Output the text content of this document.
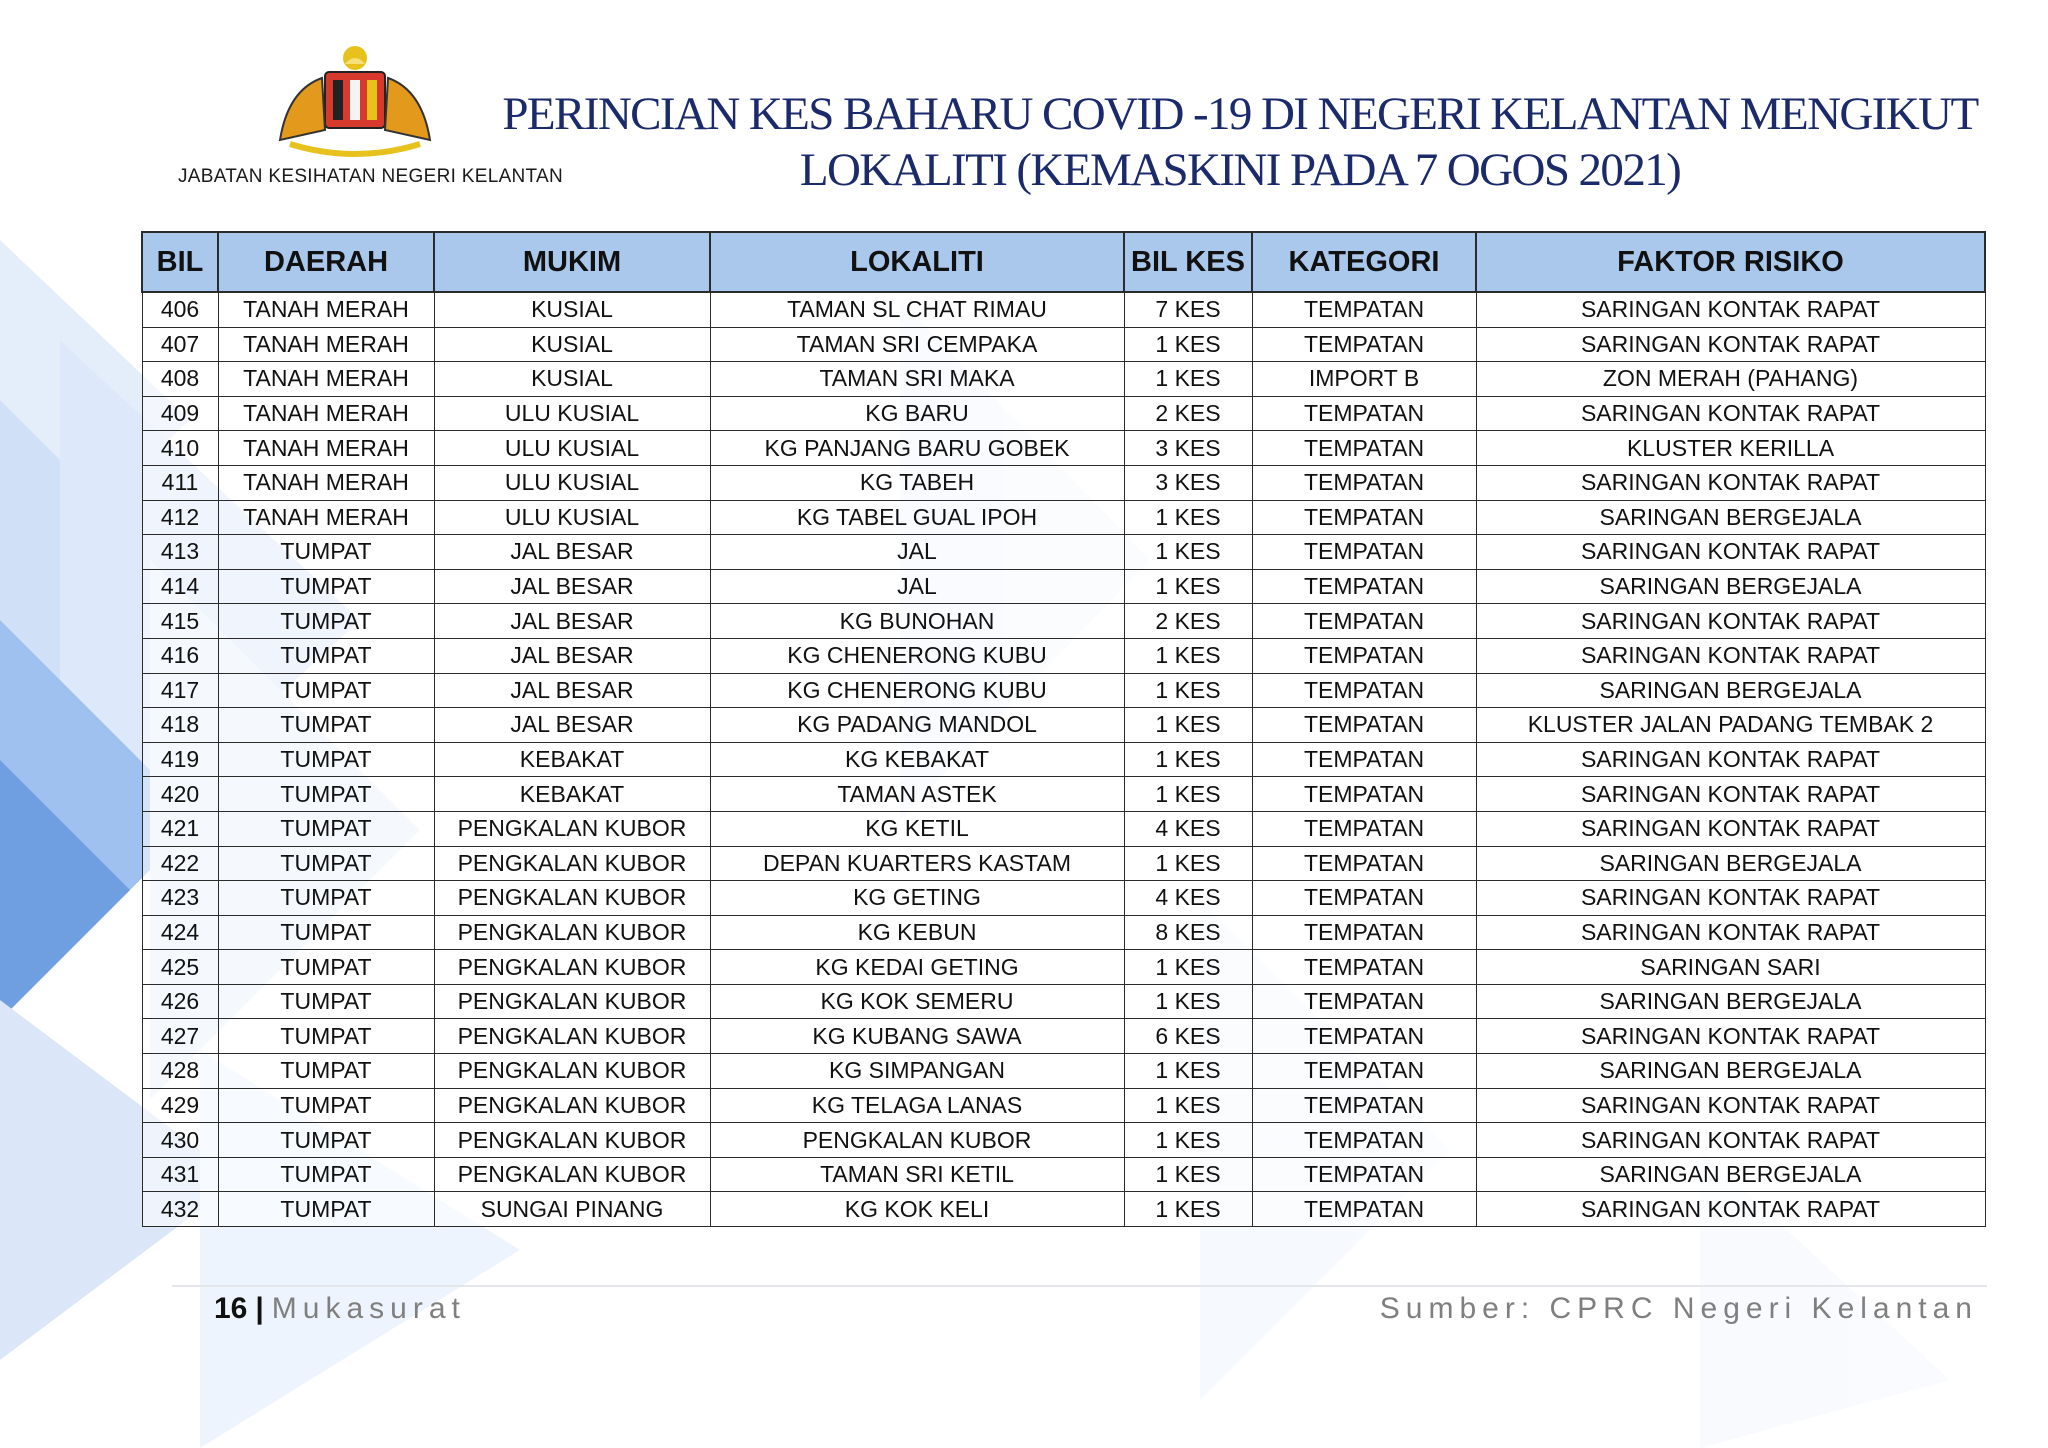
JABATAN KESIHATAN NEGERI KELANTAN
PERINCIAN KES BAHARU COVID -19 DI NEGERI KELANTAN MENGIKUT
LOKALITI (KEMASKINI PADA 7 OGOS 2021)
BIL	DAERAH	MUKIM	LOKALITI	BIL KES	KATEGORI	FAKTOR RISIKO
406	TANAH MERAH	KUSIAL	TAMAN SL CHAT RIMAU	7 KES	TEMPATAN	SARINGAN KONTAK RAPAT
407	TANAH MERAH	KUSIAL	TAMAN SRI CEMPAKA	1 KES	TEMPATAN	SARINGAN KONTAK RAPAT
408	TANAH MERAH	KUSIAL	TAMAN SRI MAKA	1 KES	IMPORT B	ZON MERAH (PAHANG)
409	TANAH MERAH	ULU KUSIAL	KG BARU	2 KES	TEMPATAN	SARINGAN KONTAK RAPAT
410	TANAH MERAH	ULU KUSIAL	KG PANJANG BARU GOBEK	3 KES	TEMPATAN	KLUSTER KERILLA
411	TANAH MERAH	ULU KUSIAL	KG TABEH	3 KES	TEMPATAN	SARINGAN KONTAK RAPAT
412	TANAH MERAH	ULU KUSIAL	KG TABEL GUAL IPOH	1 KES	TEMPATAN	SARINGAN BERGEJALA
413	TUMPAT	JAL BESAR	JAL	1 KES	TEMPATAN	SARINGAN KONTAK RAPAT
414	TUMPAT	JAL BESAR	JAL	1 KES	TEMPATAN	SARINGAN BERGEJALA
415	TUMPAT	JAL BESAR	KG BUNOHAN	2 KES	TEMPATAN	SARINGAN KONTAK RAPAT
416	TUMPAT	JAL BESAR	KG CHENERONG KUBU	1 KES	TEMPATAN	SARINGAN KONTAK RAPAT
417	TUMPAT	JAL BESAR	KG CHENERONG KUBU	1 KES	TEMPATAN	SARINGAN BERGEJALA
418	TUMPAT	JAL BESAR	KG PADANG MANDOL	1 KES	TEMPATAN	KLUSTER JALAN PADANG TEMBAK 2
419	TUMPAT	KEBAKAT	KG KEBAKAT	1 KES	TEMPATAN	SARINGAN KONTAK RAPAT
420	TUMPAT	KEBAKAT	TAMAN ASTEK	1 KES	TEMPATAN	SARINGAN KONTAK RAPAT
421	TUMPAT	PENGKALAN KUBOR	KG KETIL	4 KES	TEMPATAN	SARINGAN KONTAK RAPAT
422	TUMPAT	PENGKALAN KUBOR	DEPAN KUARTERS KASTAM	1 KES	TEMPATAN	SARINGAN BERGEJALA
423	TUMPAT	PENGKALAN KUBOR	KG GETING	4 KES	TEMPATAN	SARINGAN KONTAK RAPAT
424	TUMPAT	PENGKALAN KUBOR	KG KEBUN	8 KES	TEMPATAN	SARINGAN KONTAK RAPAT
425	TUMPAT	PENGKALAN KUBOR	KG KEDAI GETING	1 KES	TEMPATAN	SARINGAN SARI
426	TUMPAT	PENGKALAN KUBOR	KG KOK SEMERU	1 KES	TEMPATAN	SARINGAN BERGEJALA
427	TUMPAT	PENGKALAN KUBOR	KG KUBANG SAWA	6 KES	TEMPATAN	SARINGAN KONTAK RAPAT
428	TUMPAT	PENGKALAN KUBOR	KG SIMPANGAN	1 KES	TEMPATAN	SARINGAN BERGEJALA
429	TUMPAT	PENGKALAN KUBOR	KG TELAGA LANAS	1 KES	TEMPATAN	SARINGAN KONTAK RAPAT
430	TUMPAT	PENGKALAN KUBOR	PENGKALAN KUBOR	1 KES	TEMPATAN	SARINGAN KONTAK RAPAT
431	TUMPAT	PENGKALAN KUBOR	TAMAN SRI KETIL	1 KES	TEMPATAN	SARINGAN BERGEJALA
432	TUMPAT	SUNGAI PINANG	KG KOK KELI	1 KES	TEMPATAN	SARINGAN KONTAK RAPAT
16 | Mukasurat	Sumber: CPRC Negeri Kelantan
